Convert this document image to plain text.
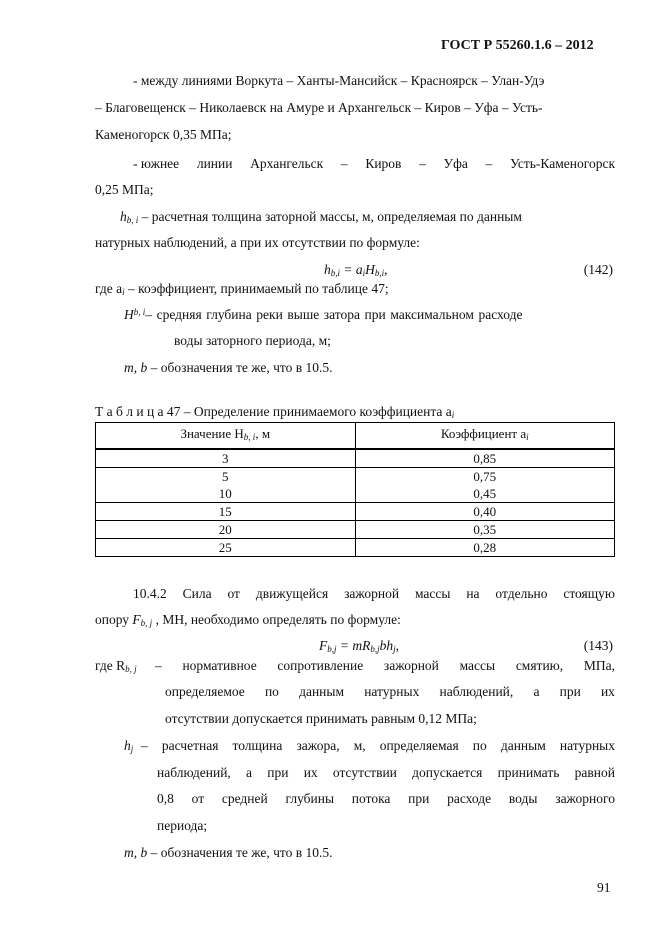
ГОСТ Р 55260.1.6 – 2012
- между линиями Воркута – Ханты-Мансийск – Красноярск – Улан-Удэ
– Благовещенск – Николаевск на Амуре и Архангельск – Киров – Уфа – Усть-
Каменогорск 0,35 МПа;
- южнее линии Архангельск – Киров – Уфа – Усть-Каменогорск
0,25 МПа;
$h_{b, i}$ – расчетная толщина заторной массы, м, определяемая по данным
натурных наблюдений, а при их отсутствии по формуле:
$h_{b,i} = a_iH_{b,i}$,	(142)
где $a_i$ – коэффициент, принимаемый по таблице 47;
H b, i – средняя глубина реки выше затора при максимальном расходе
воды заторного периода, м;
m, b – обозначения те же, что в 10.5.
Т а б л и ц а 47 – Определение принимаемого коэффициента $a_i$
Значение $H_{b, i}$, м	Коэффициент $a_i$
3	0,85
5	0,75
10	0,45
15	0,40
20	0,35
25	0,28
10.4.2 Сила от движущейся зажорной массы на отдельно стоящую
опору $F_{b, j}$ , МН, необходимо определять по формуле:
$F_{b,j} = mR_{b,j}bh_j$,	(143)
где $R_{b, j}$ – нормативное сопротивление зажорной массы смятию, МПа,
определяемое по данным натурных наблюдений, а при их
отсутствии допускается принимать равным 0,12 МПа;
$h_j$ – расчетная толщина зажора, м, определяемая по данным натурных
наблюдений, а при их отсутствии допускается принимать равной
0,8 от средней глубины потока при расходе воды зажорного
периода;
m, b – обозначения те же, что в 10.5.
91
